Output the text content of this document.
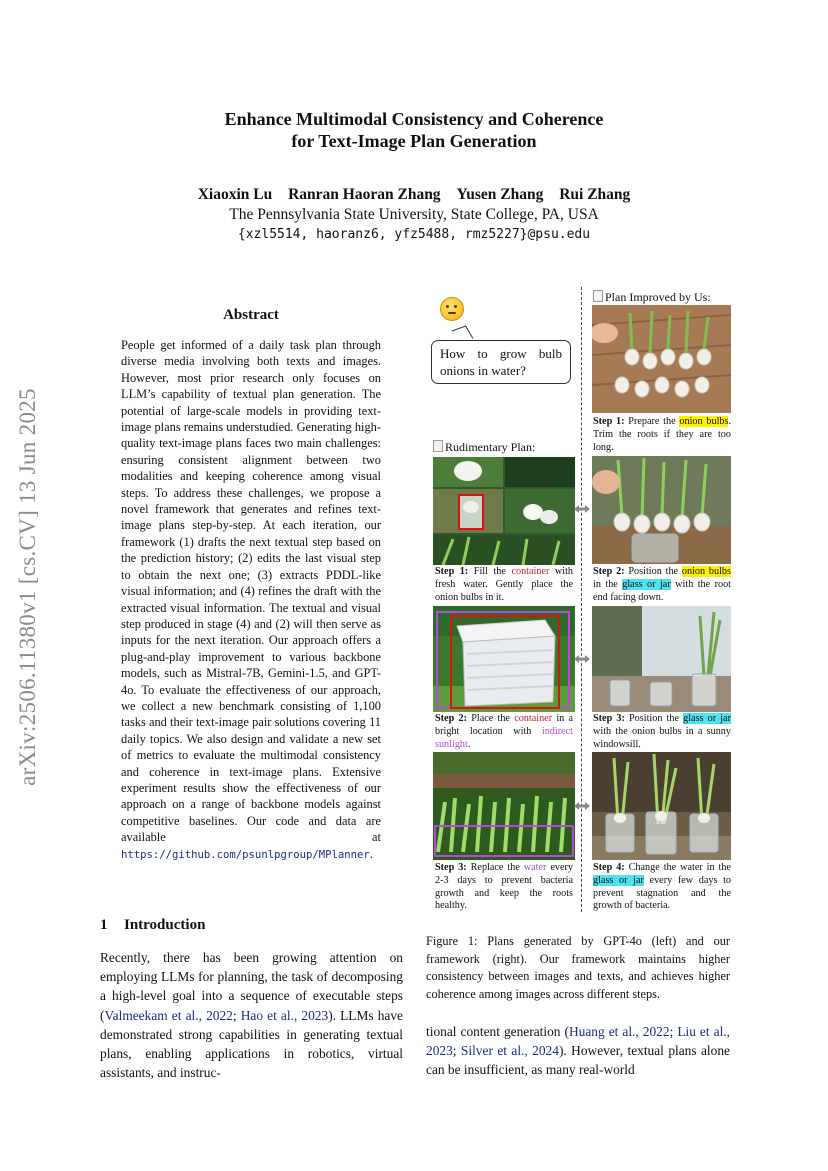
arXiv:2506.11380v1 [cs.CV] 13 Jun 2025
Enhance Multimodal Consistency and Coherence
for Text-Image Plan Generation
Xiaoxin Lu Ranran Haoran Zhang Yusen Zhang Rui Zhang
The Pennsylvania State University, State College, PA, USA
{xzl5514, haoranz6, yfz5488, rmz5227}@psu.edu
Abstract
People get informed of a daily task plan through diverse media involving both texts and images. However, most prior research only focuses on LLM’s capability of textual plan generation. The potential of large-scale models in providing text-image plans remains understudied. Generating high-quality text-image plans faces two main challenges: ensuring consistent alignment between two modalities and keeping coherence among visual steps. To address these challenges, we propose a novel framework that generates and refines text-image plans step-by-step. At each iteration, our framework (1) drafts the next textual step based on the prediction history; (2) edits the last visual step to obtain the next one; (3) extracts PDDL-like visual information; and (4) refines the draft with the extracted visual information. The textual and visual step produced in stage (4) and (2) will then serve as inputs for the next iteration. Our approach offers a plug-and-play improvement to various backbone models, such as Mistral-7B, Gemini-1.5, and GPT-4o. To evaluate the effectiveness of our approach, we collect a new benchmark consisting of 1,100 tasks and their text-image pair solutions covering 11 daily topics. We also design and validate a new set of metrics to evaluate the multimodal consistency and coherence in text-image plans. Extensive experiment results show the effectiveness of our approach on a range of backbone models against competitive baselines. Our code and data are available at https://github.com/psunlpgroup/MPlanner.
1 Introduction
Recently, there has been growing attention on employing LLMs for planning, the task of decomposing a high-level goal into a sequence of executable steps (Valmeekam et al., 2022; Hao et al., 2023). LLMs have demonstrated strong capabilities in generating textual plans, enabling applications in robotics, virtual assistants, and instruc-
Figure 1: Plans generated by GPT-4o (left) and our framework (right). Our framework maintains higher consistency between images and texts, and achieves higher coherence among images across different steps.
tional content generation (Huang et al., 2022; Liu et al., 2023; Silver et al., 2024). However, textual plans alone can be insufficient, as many real-world
How to grow bulb onions in water?
Rudimentary Plan:
Plan Improved by Us:
Step 1: Fill the container with fresh water. Gently place the onion bulbs in it.
Step 2: Place the container in a bright location with indirect sunlight.
Step 3: Replace the water every 2-3 days to prevent bacteria growth and keep the roots healthy.
Step 1: Prepare the onion bulbs. Trim the roots if they are too long.
Step 2: Position the onion bulbs in the glass or jar with the root end facing down.
Step 3: Position the glass or jar with the onion bulbs in a sunny windowsill.
Step 4: Change the water in the glass or jar every few days to prevent stagnation and the growth of bacteria.
